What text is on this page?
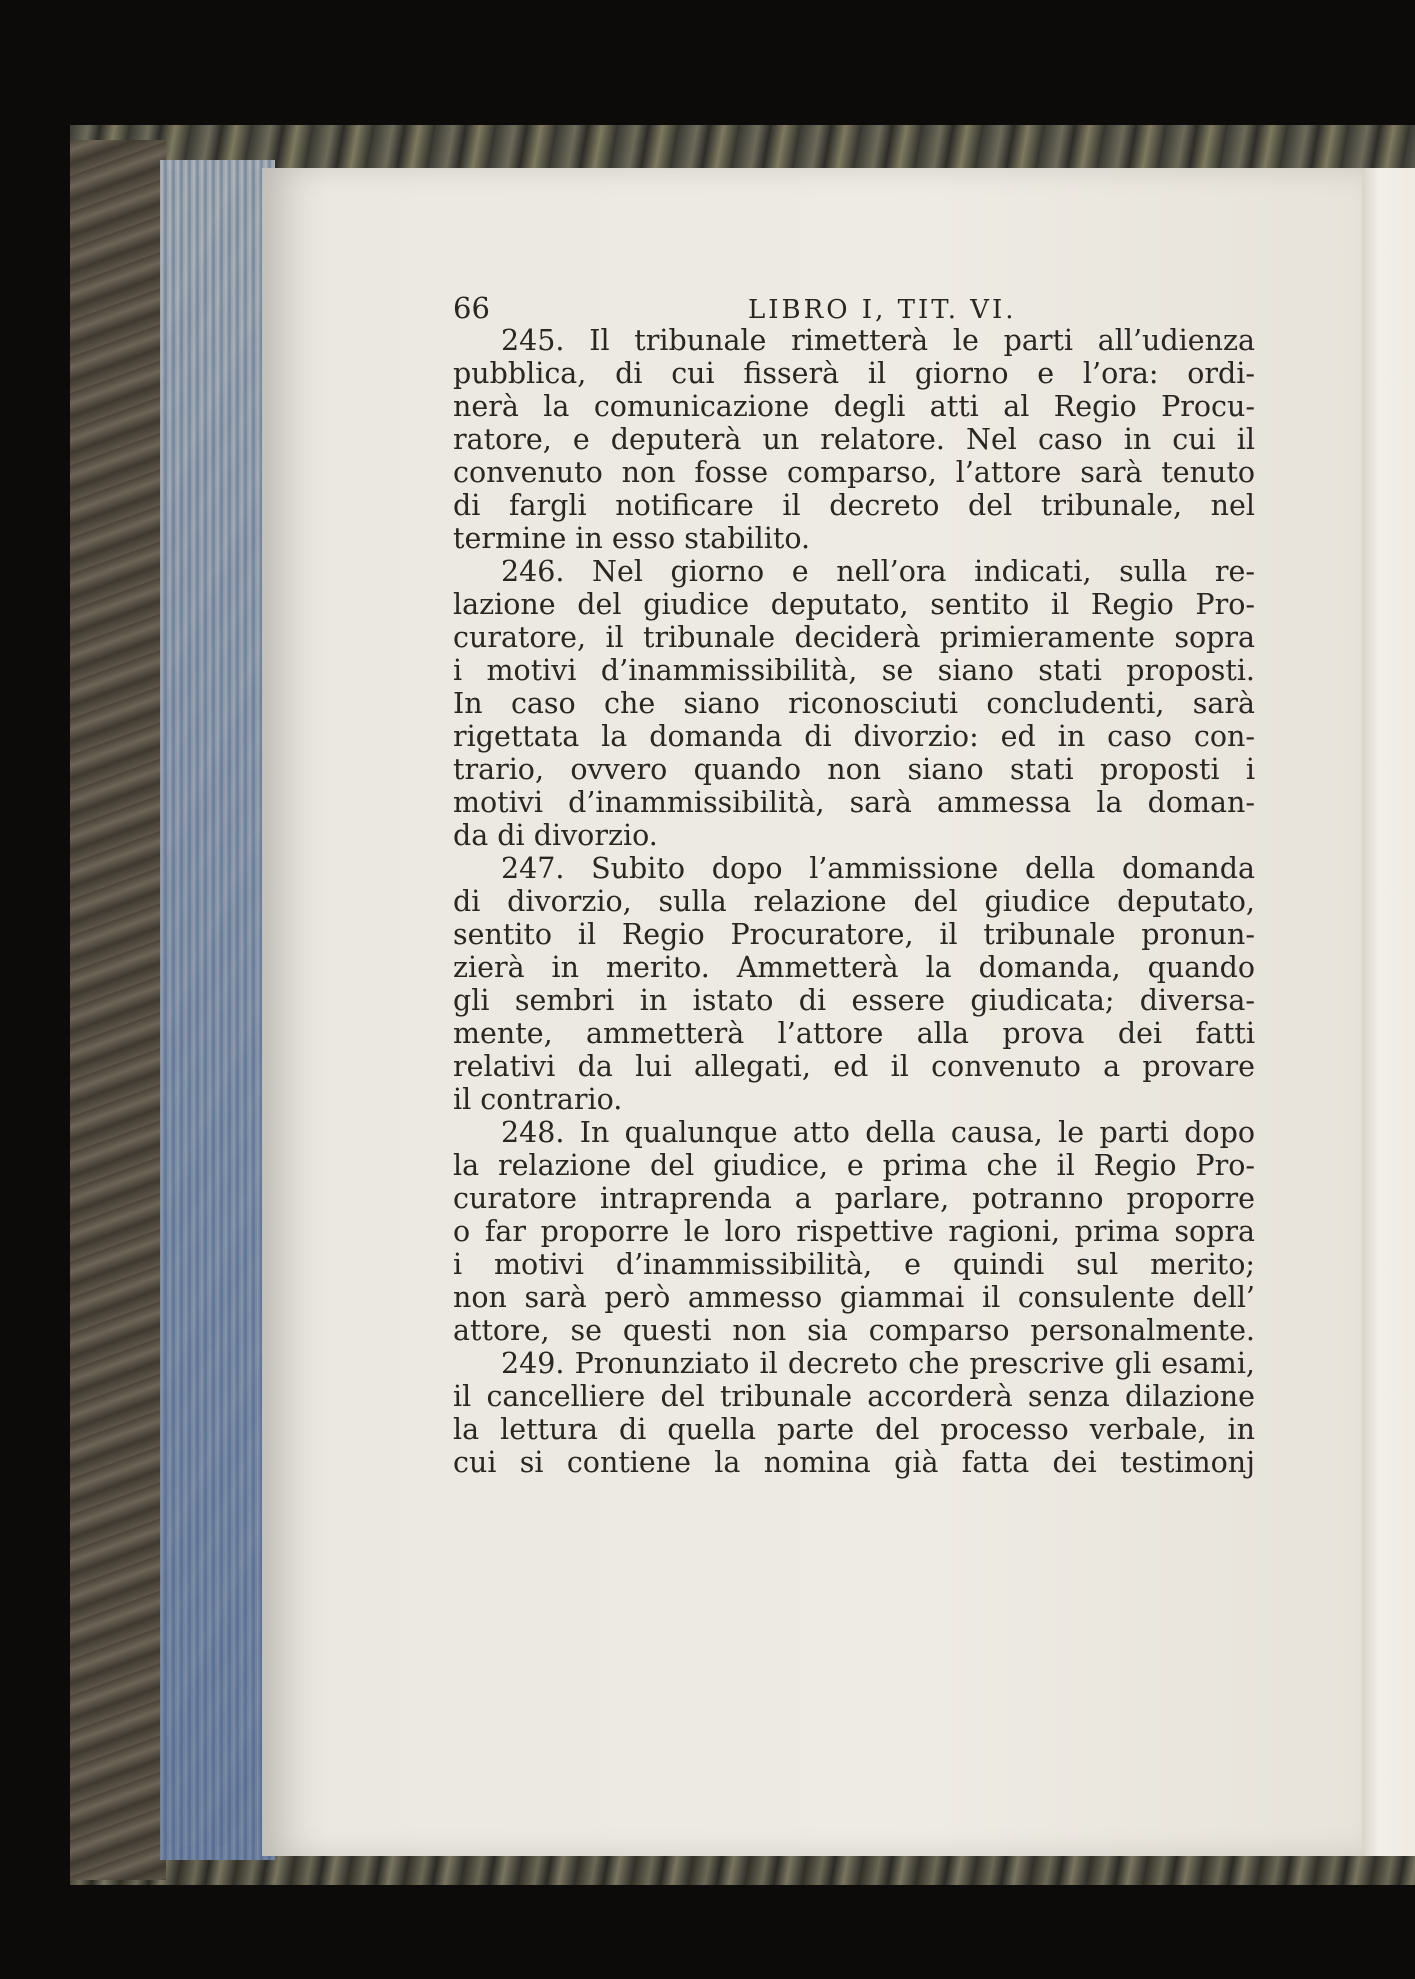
66	LIBRO I, TIT. VI.
245. Il tribunale rimetterà le parti all’udienza
pubblica, di cui fisserà il giorno e l’ora: ordi-
nerà la comunicazione degli atti al Regio Procu-
ratore, e deputerà un relatore. Nel caso in cui il
convenuto non fosse comparso, l’attore sarà tenuto
di fargli notificare il decreto del tribunale, nel
termine in esso stabilito.
246. Nel giorno e nell’ora indicati, sulla re-
lazione del giudice deputato, sentito il Regio Pro-
curatore, il tribunale deciderà primieramente sopra
i motivi d’inammissibilità, se siano stati proposti.
In caso che siano riconosciuti concludenti, sarà
rigettata la domanda di divorzio: ed in caso con-
trario, ovvero quando non siano stati proposti i
motivi d’inammissibilità, sarà ammessa la doman-
da di divorzio.
247. Subito dopo l’ammissione della domanda
di divorzio, sulla relazione del giudice deputato,
sentito il Regio Procuratore, il tribunale pronun-
zierà in merito. Ammetterà la domanda, quando
gli sembri in istato di essere giudicata; diversa-
mente, ammetterà l’attore alla prova dei fatti
relativi da lui allegati, ed il convenuto a provare
il contrario.
248. In qualunque atto della causa, le parti dopo
la relazione del giudice, e prima che il Regio Pro-
curatore intraprenda a parlare, potranno proporre
o far proporre le loro rispettive ragioni, prima sopra
i motivi d’inammissibilità, e quindi sul merito;
non sarà però ammesso giammai il consulente dell’
attore, se questi non sia comparso personalmente.
249. Pronunziato il decreto che prescrive gli esami,
il cancelliere del tribunale accorderà senza dilazione
la lettura di quella parte del processo verbale, in
cui si contiene la nomina già fatta dei testimonj
